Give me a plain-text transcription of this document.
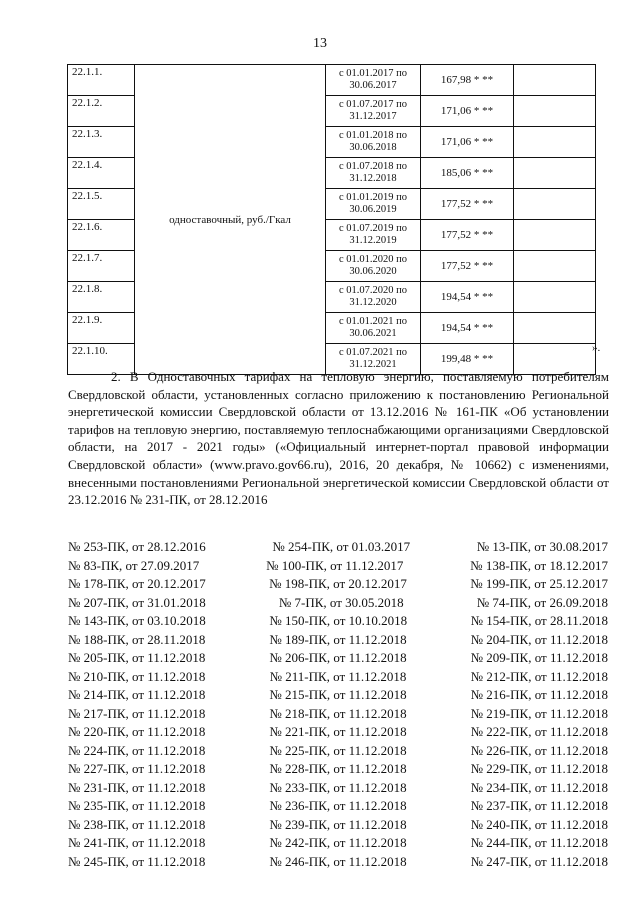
13
22.1.1.	одноставочный, руб./Гкал	с 01.01.2017 по 30.06.2017	167,98 * **	
22.1.2.		с 01.07.2017 по 31.12.2017	171,06 * **	
22.1.3.		с 01.01.2018 по 30.06.2018	171,06 * **	
22.1.4.		с 01.07.2018 по 31.12.2018	185,06 * **	
22.1.5.		с 01.01.2019 по 30.06.2019	177,52 * **	
22.1.6.		с 01.07.2019 по 31.12.2019	177,52 * **	
22.1.7.		с 01.01.2020 по 30.06.2020	177,52 * **	
22.1.8.		с 01.07.2020 по 31.12.2020	194,54 * **	
22.1.9.		с 01.01.2021 по 30.06.2021	194,54 * **	
22.1.10.		с 01.07.2021 по 31.12.2021	199,48 * **	
».

2. В Одноставочных тарифах на тепловую энергию, поставляемую потребителям Свердловской области, установленных согласно приложению к постановлению Региональной энергетической комиссии Свердловской области от 13.12.2016 № 161-ПК «Об установлении тарифов на тепловую энергию, поставляемую теплоснабжающими организациями Свердловской области, на 2017 - 2021 годы» («Официальный интернет-портал правовой информации Свердловской области» (www.pravo.gov66.ru), 2016, 20 декабря, № 10662) с изменениями, внесенными постановлениями Региональной энергетической комиссии Свердловской области от 23.12.2016 № 231-ПК, от 28.12.2016

№ 253-ПК, от 28.12.2016	№ 254-ПК, от 01.03.2017	№ 13-ПК, от 30.08.2017
№ 83-ПК, от 27.09.2017	№ 100-ПК, от 11.12.2017	№ 138-ПК, от 18.12.2017
№ 178-ПК, от 20.12.2017	№ 198-ПК, от 20.12.2017	№ 199-ПК, от 25.12.2017
№ 207-ПК, от 31.01.2018	№ 7-ПК, от 30.05.2018	№ 74-ПК, от 26.09.2018
№ 143-ПК, от 03.10.2018	№ 150-ПК, от 10.10.2018	№ 154-ПК, от 28.11.2018
№ 188-ПК, от 28.11.2018	№ 189-ПК, от 11.12.2018	№ 204-ПК, от 11.12.2018
№ 205-ПК, от 11.12.2018	№ 206-ПК, от 11.12.2018	№ 209-ПК, от 11.12.2018
№ 210-ПК, от 11.12.2018	№ 211-ПК, от 11.12.2018	№ 212-ПК, от 11.12.2018
№ 214-ПК, от 11.12.2018	№ 215-ПК, от 11.12.2018	№ 216-ПК, от 11.12.2018
№ 217-ПК, от 11.12.2018	№ 218-ПК, от 11.12.2018	№ 219-ПК, от 11.12.2018
№ 220-ПК, от 11.12.2018	№ 221-ПК, от 11.12.2018	№ 222-ПК, от 11.12.2018
№ 224-ПК, от 11.12.2018	№ 225-ПК, от 11.12.2018	№ 226-ПК, от 11.12.2018
№ 227-ПК, от 11.12.2018	№ 228-ПК, от 11.12.2018	№ 229-ПК, от 11.12.2018
№ 231-ПК, от 11.12.2018	№ 233-ПК, от 11.12.2018	№ 234-ПК, от 11.12.2018
№ 235-ПК, от 11.12.2018	№ 236-ПК, от 11.12.2018	№ 237-ПК, от 11.12.2018
№ 238-ПК, от 11.12.2018	№ 239-ПК, от 11.12.2018	№ 240-ПК, от 11.12.2018
№ 241-ПК, от 11.12.2018	№ 242-ПК, от 11.12.2018	№ 244-ПК, от 11.12.2018
№ 245-ПК, от 11.12.2018	№ 246-ПК, от 11.12.2018	№ 247-ПК, от 11.12.2018
